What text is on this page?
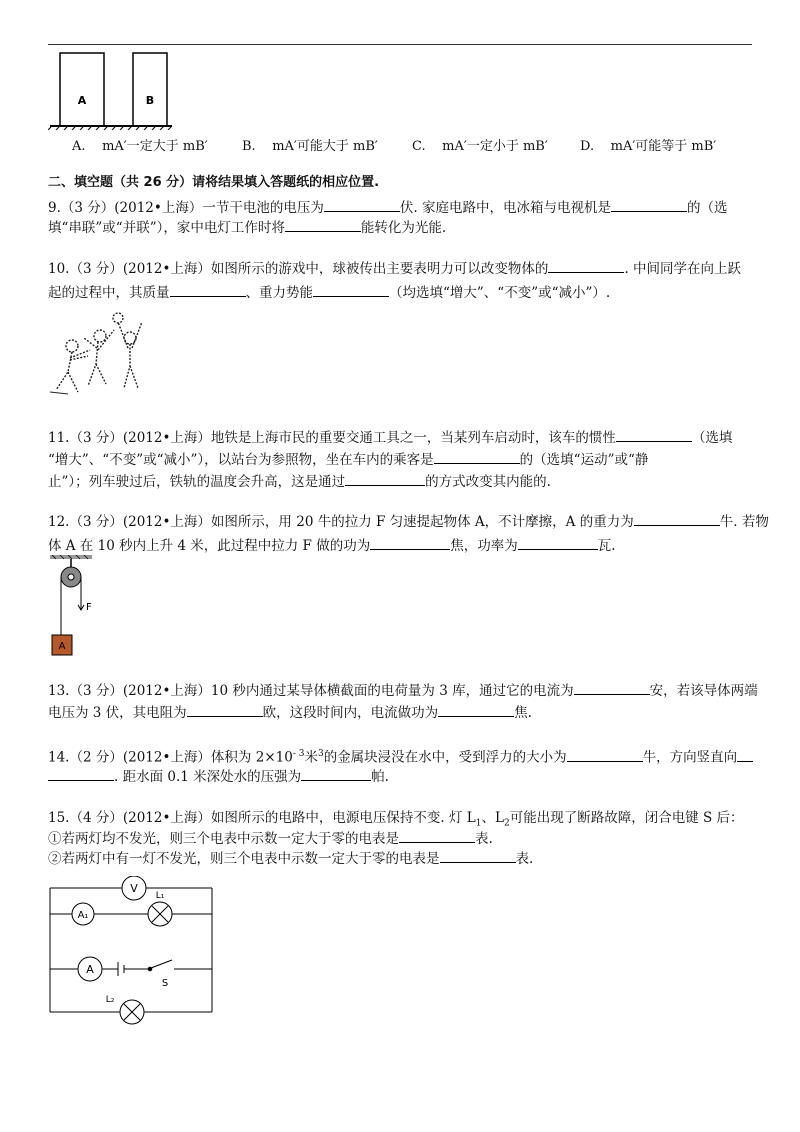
A	B
A. mA′一定大于 mB′	B. mA′可能大于 mB′	C. mA′一定小于 mB′ D. mA′可能等于 mB′
二、填空题（共 26 分）请将结果填入答题纸的相应位置.
9.（3 分）(2012•上海）一节干电池的电压为	伏. 家庭电路中，电冰箱与电视机是	的（选
填“串联”或“并联”），家中电灯工作时将	能转化为光能.
10.（3 分）(2012•上海）如图所示的游戏中，球被传出主要表明力可以改变物体的	. 中间同学在向上跃
起的过程中，其质量	、重力势能	（均选填“增大”、“不变”或“减小”）.
11.（3 分）(2012•上海）地铁是上海市民的重要交通工具之一，当某列车启动时，该车的惯性	（选填
“增大”、“不变”或“减小”），以站台为参照物，坐在车内的乘客是	的（选填“运动”或“静
止”）；列车驶过后，铁轨的温度会升高，这是通过	的方式改变其内能的.
12.（3 分）(2012•上海）如图所示，用 20 牛的拉力 F 匀速提起物体 A，不计摩擦，A 的重力为	牛. 若物
体 A 在 10 秒内上升 4 米，此过程中拉力 F 做的功为	焦，功率为	瓦.
F
A
13.（3 分）(2012•上海）10 秒内通过某导体横截面的电荷量为 3 库，通过它的电流为	安，若该导体两端
电压为 3 伏，其电阻为	欧，这段时间内，电流做功为	焦.
14.（2 分）(2012•上海）体积为 $2\times 10^{- 3}$米$^3$的金属块浸没在水中，受到浮力的大小为	牛，方向竖直向
. 距水面 0.1 米深处水的压强为	帕.
15.（4 分）(2012•上海）如图所示的电路中，电源电压保持不变. 灯 $L_1$、$L_2$可能出现了断路故障，闭合电键 S 后：
①若两灯均不发光，则三个电表中示数一定大于零的电表是	表.
②若两灯中有一灯不发光，则三个电表中示数一定大于零的电表是	表.
V
A₁
L₁
A
S
L₂
